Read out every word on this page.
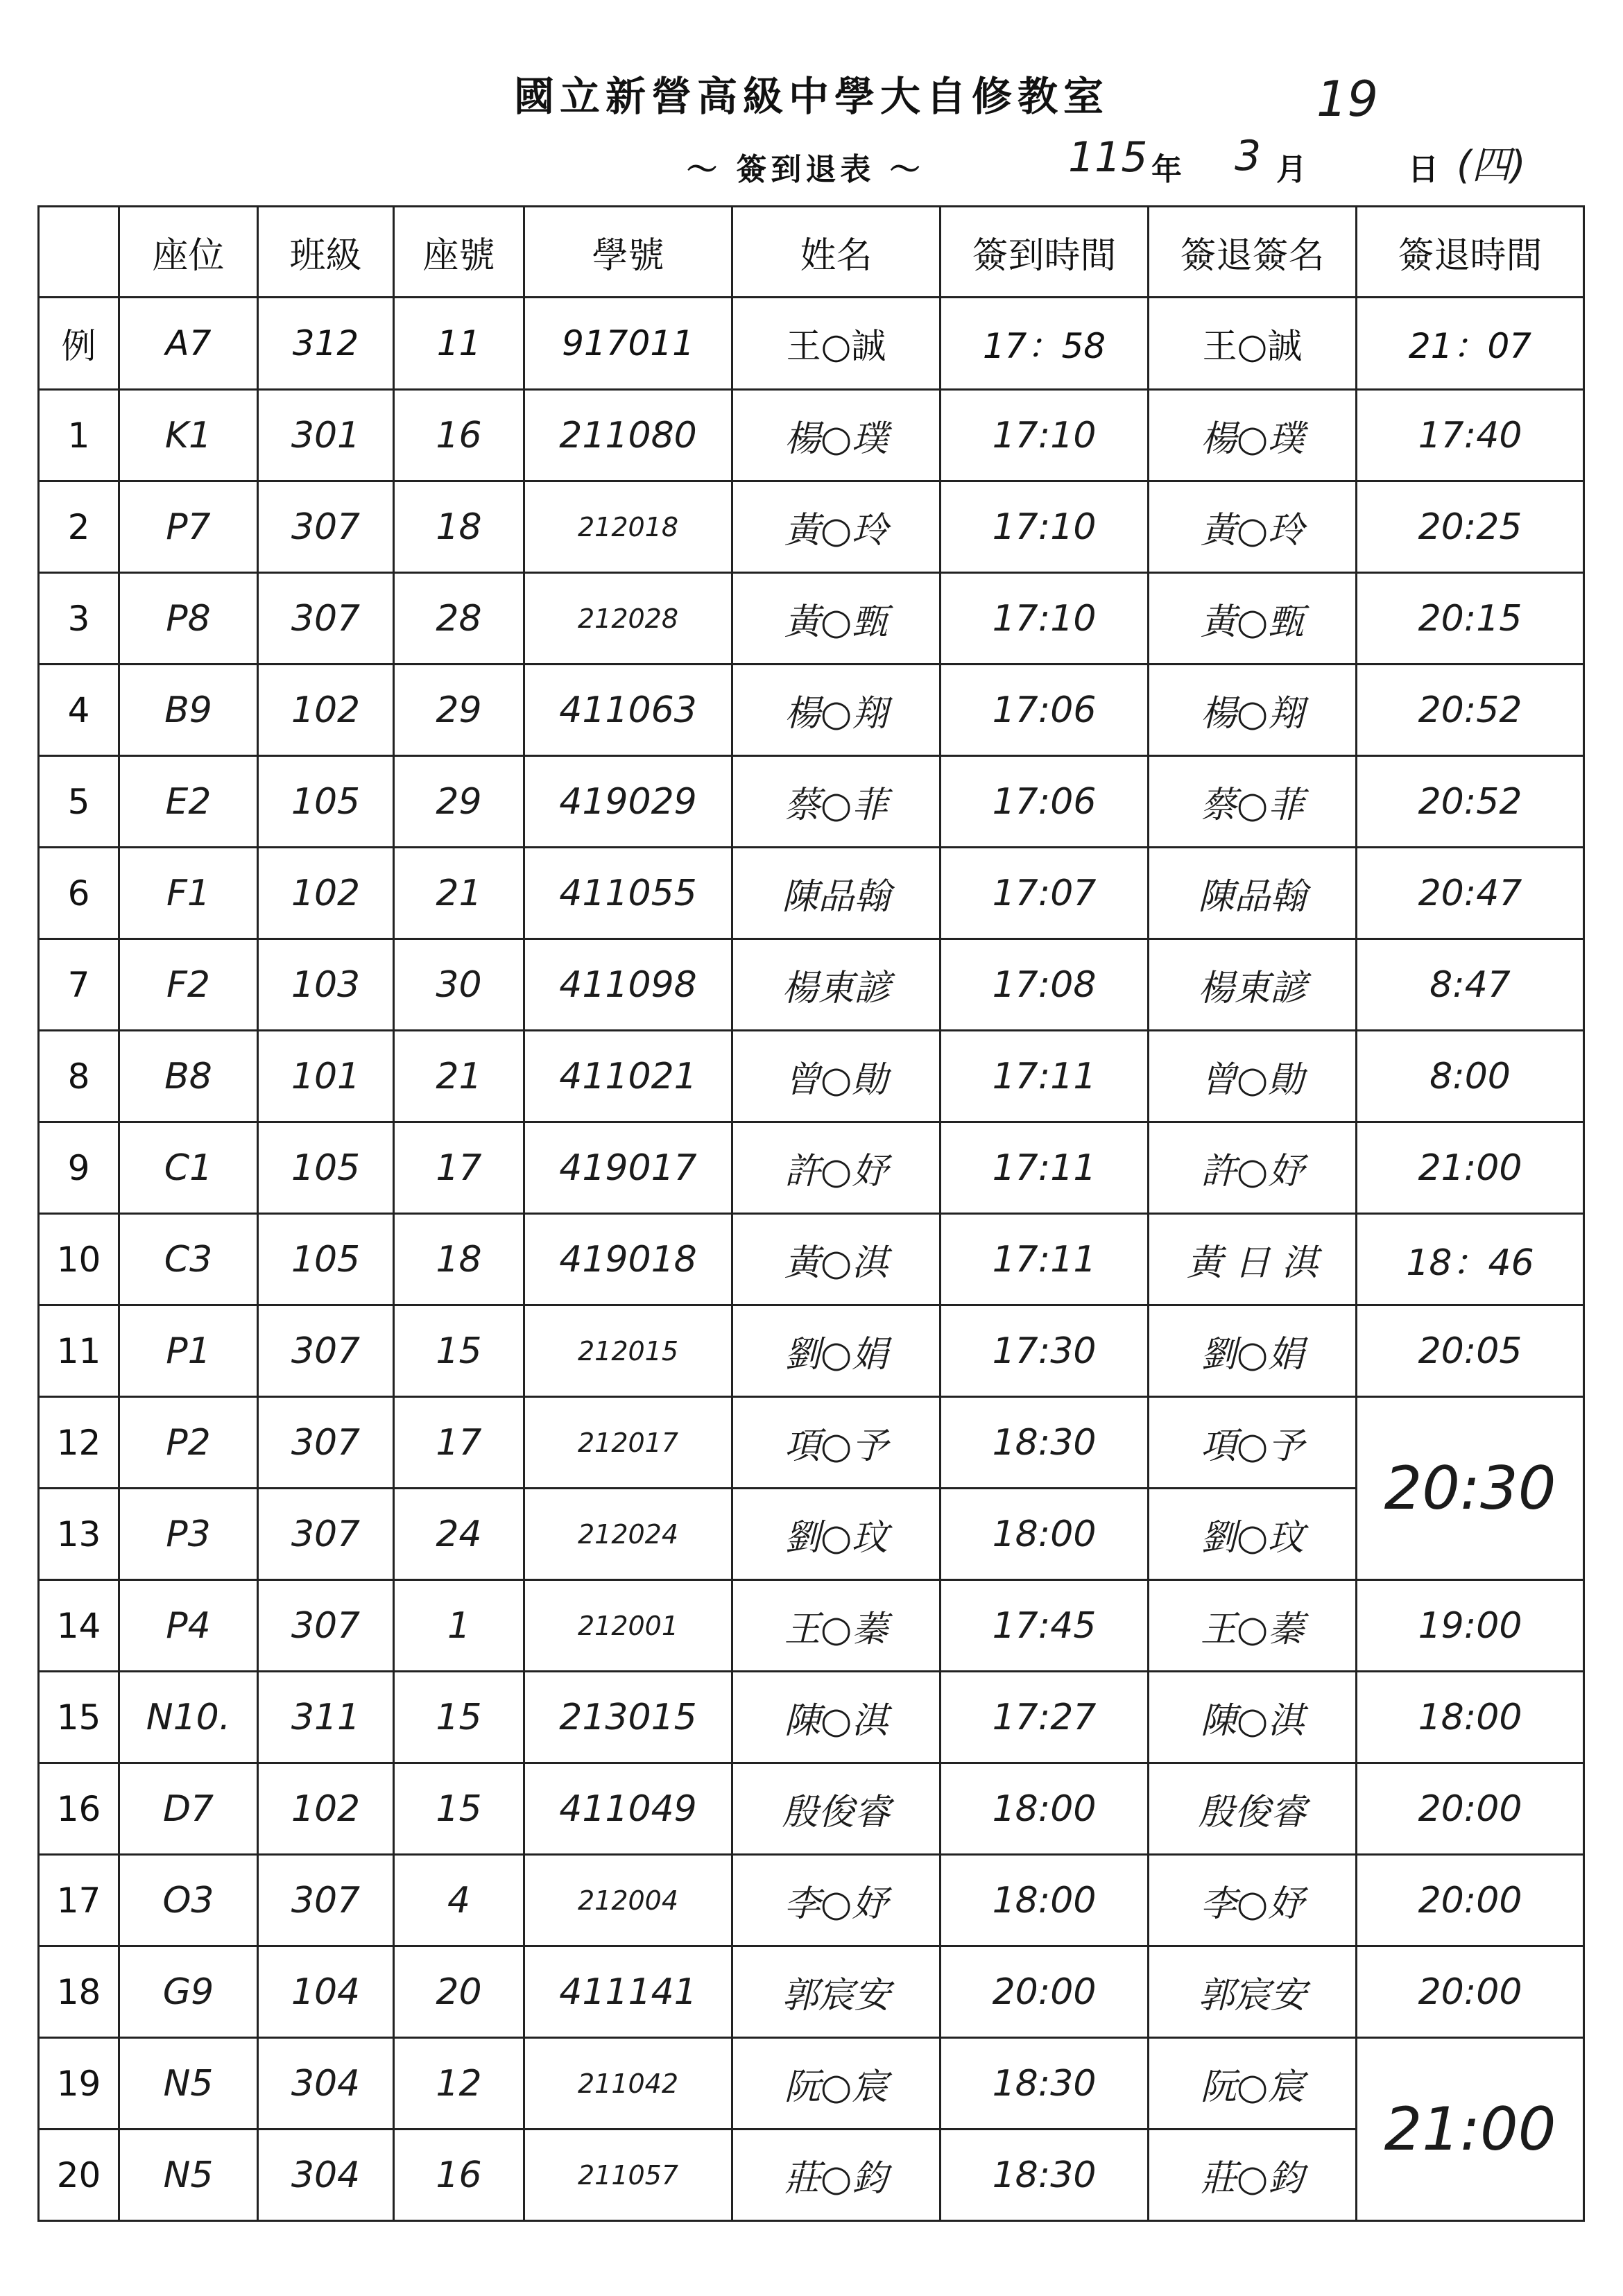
國立新營高級中學大自修教室
～ 簽到退表 ～
19
115 年 3 月	日 (四)
	座位	班級	座號	學號	姓名	簽到時間	簽退簽名	簽退時間
例	A7	312	11	917011	王○誠	17：58	王○誠	21：07
1	K1	301	16	211080	楊○璞	17:10	楊○璞	17:40
2	P7	307	18	212018	黃○玲	17:10	黃○玲	20:25
3	P8	307	28	212028	黃○甄	17:10	黃○甄	20:15
4	B9	102	29	411063	楊○翔	17:06	楊○翔	20:52
5	E2	105	29	419029	蔡○菲	17:06	蔡○菲	20:52
6	F1	102	21	411055	陳品翰	17:07	陳品翰	20:47
7	F2	103	30	411098	楊東諺	17:08	楊東諺	8:47
8	B8	101	21	411021	曾○勛	17:11	曾○勛	8:00
9	C1	105	17	419017	許○妤	17:11	許○妤	21:00
10	C3	105	18	419018	黃○淇	17:11	黃 日 淇	18：46
11	P1	307	15	212015	劉○娟	17:30	劉○娟	20:05
12	P2	307	17	212017	項○予	18:30	項○予	20:30
13	P3	307	24	212024	劉○玟	18:00	劉○玟	
14	P4	307	1	212001	王○蓁	17:45	王○蓁	19:00
15	N10.	311	15	213015	陳○淇	17:27	陳○淇	18:00
16	D7	102	15	411049	殷俊睿	18:00	殷俊睿	20:00
17	O3	307	4	212004	李○妤	18:00	李○妤	20:00
18	G9	104	20	411141	郭宸安	20:00	郭宸安	20:00
19	N5	304	12	211042	阮○宸	18:30	阮○宸	21:00
20	N5	304	16	211057	莊○鈞	18:30	莊○鈞	
